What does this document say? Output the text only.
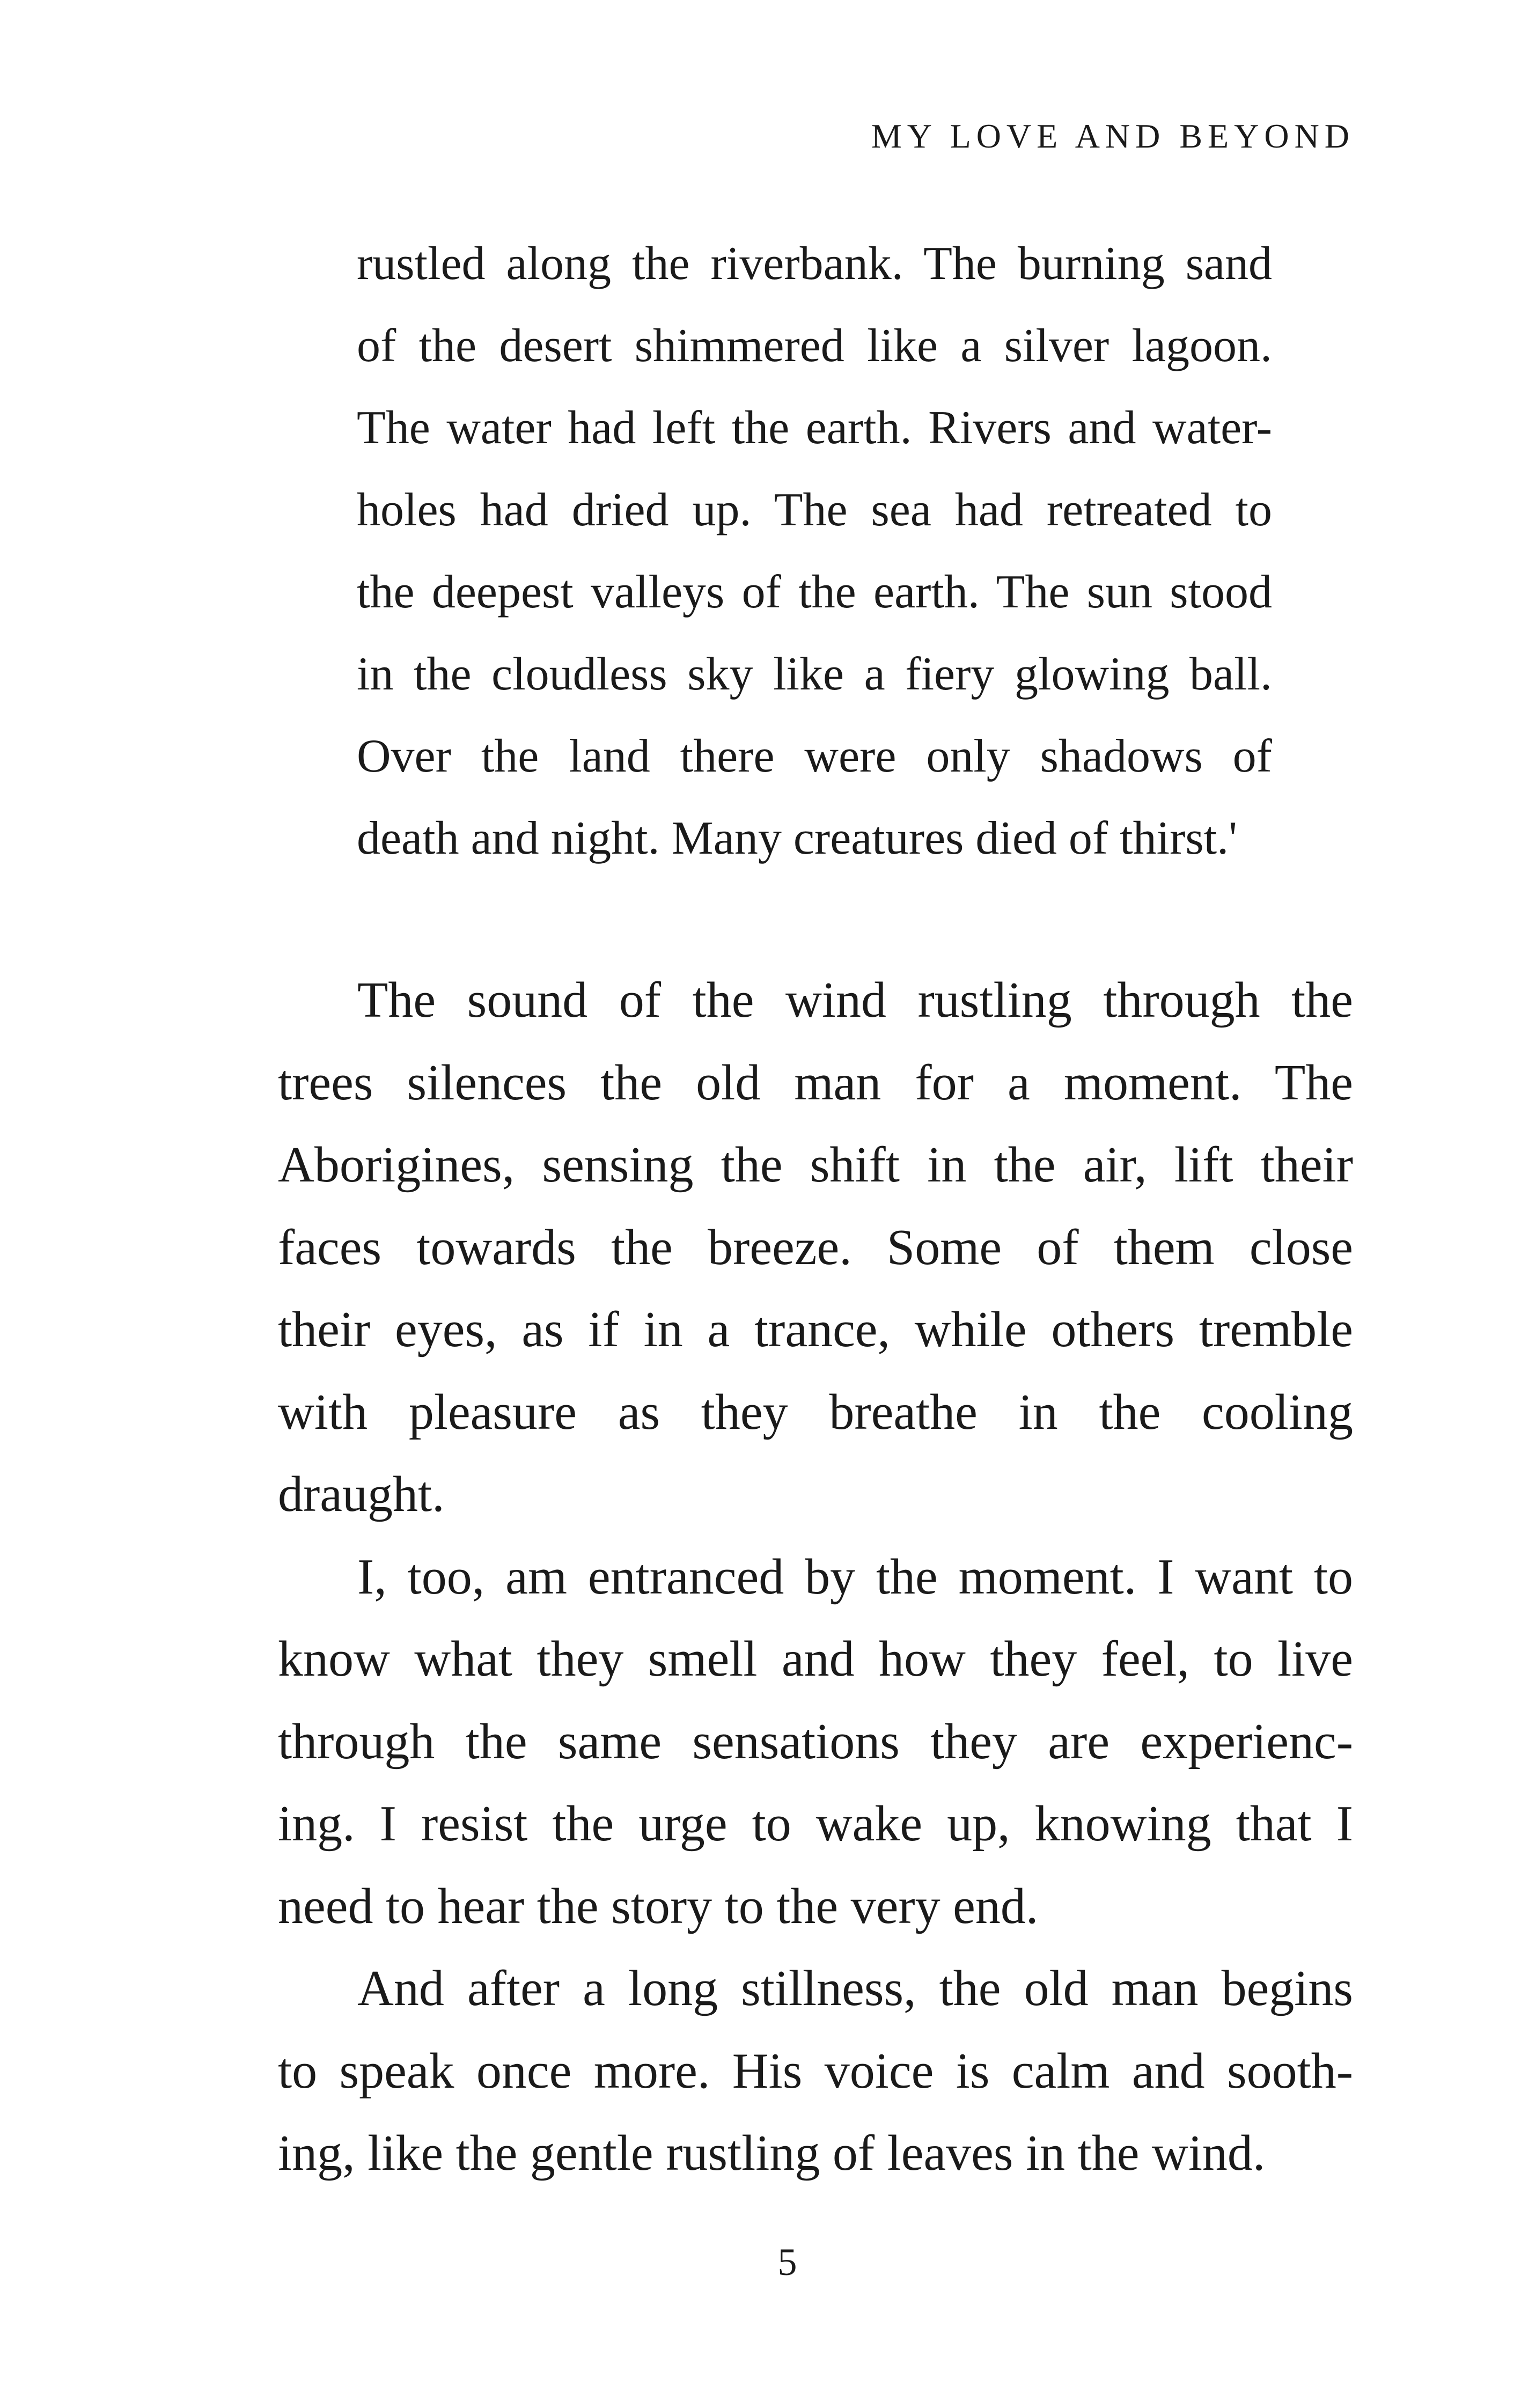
MY LOVE AND BEYOND
rustled along the riverbank. The burning sand
of the desert shimmered like a silver lagoon.
The water had left the earth. Rivers and water-
holes had dried up. The sea had retreated to
the deepest valleys of the earth. The sun stood
in the cloudless sky like a fiery glowing ball.
Over the land there were only shadows of
death and night. Many creatures died of thirst.'
The sound of the wind rustling through the
trees silences the old man for a moment. The
Aborigines, sensing the shift in the air, lift their
faces towards the breeze. Some of them close
their eyes, as if in a trance, while others tremble
with pleasure as they breathe in the cooling
draught.
I, too, am entranced by the moment. I want to
know what they smell and how they feel, to live
through the same sensations they are experienc-
ing. I resist the urge to wake up, knowing that I
need to hear the story to the very end.
And after a long stillness, the old man begins
to speak once more. His voice is calm and sooth-
ing, like the gentle rustling of leaves in the wind.
5
